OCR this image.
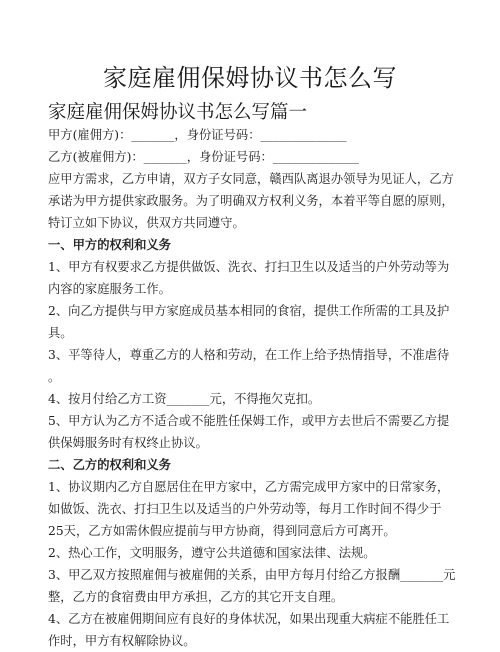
家庭雇佣保姆协议书怎么写
家庭雇佣保姆协议书怎么写篇一
甲方(雇佣方)：_______，身份证号码：______________
乙方(被雇佣方)：_______，身份证号码：______________
应甲方需求，乙方申请，双方子女同意，赣西队离退办领导为见证人，乙方
承诺为甲方提供家政服务。为了明确双方权利义务，本着平等自愿的原则，
特订立如下协议，供双方共同遵守。
一、甲方的权利和义务
1、甲方有权要求乙方提供做饭、洗衣、打扫卫生以及适当的户外劳动等为
内容的家庭服务工作。
2、向乙方提供与甲方家庭成员基本相同的食宿，提供工作所需的工具及护
具。
3、平等待人，尊重乙方的人格和劳动，在工作上给予热情指导，不准虐待
。
4、按月付给乙方工资_______元，不得拖欠克扣。
5、甲方认为乙方不适合或不能胜任保姆工作，或甲方去世后不需要乙方提
供保姆服务时有权终止协议。
二、乙方的权利和义务
1、协议期内乙方自愿居住在甲方家中，乙方需完成甲方家中的日常家务，
如做饭、洗衣、打扫卫生以及适当的户外劳动等，每月工作时间不得少于
25天，乙方如需休假应提前与甲方协商，得到同意后方可离开。
2、热心工作，文明服务，遵守公共道德和国家法律、法规。
3、甲乙双方按照雇佣与被雇佣的关系，由甲方每月付给乙方报酬_______元
整，乙方的食宿费由甲方承担，乙方的其它开支自理。
4、乙方在被雇佣期间应有良好的身体状况，如果出现重大病症不能胜任工
作时，甲方有权解除协议。
